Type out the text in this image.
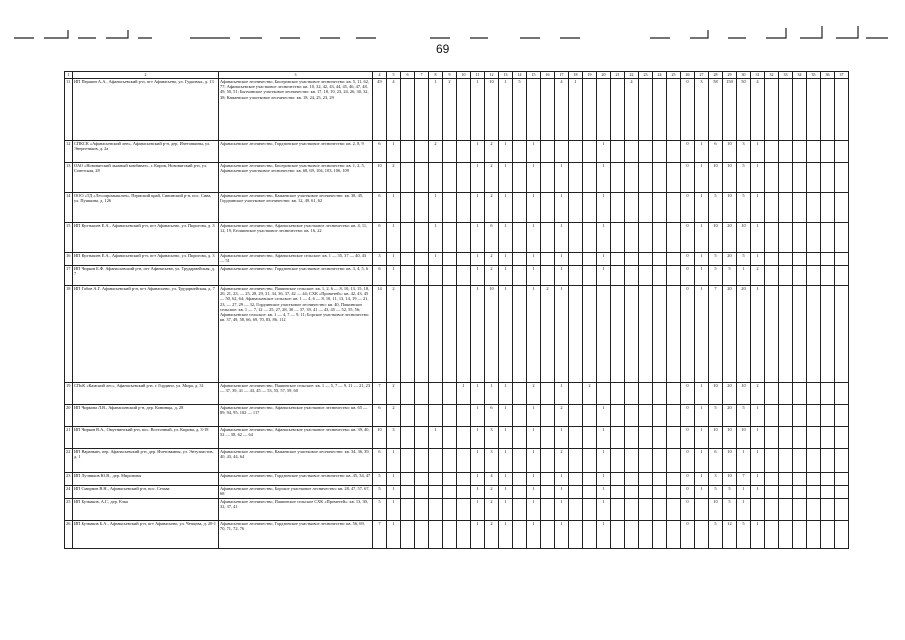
69
1	2	3	4	5	6	7	8	9	10	11	12	13	14	15	16	17	18	19	20	21	22	23	24	25	26	27	28	29	30	31	32	33	34	35	36	37
11	ИП Першин А.А., Афанасьевский р-н, пгт Афанасьево, ул. Гудковых, д. 13	Афанасьевское лесничество, Бисеровское участковое лесничество: кв. 5, 11, 62, 77; Афанасьевское участковое лесничество: кв. 10, 32, 42, 43, 44, 45, 46, 47, 48, 49, 50, 51; Бытчинское участковое лесничество: кв. 17, 18, 19, 23, 24, 26, 30, 32, 38; Камаевское участковое лесничество: кв. 18, 24, 25, 23, 29	49	4			1	2		1	10	1	5			4	1				4				0	3	58	150	50	4						
12	СПКСК «Афанасьевский лен», Афанасьевский р-н, дер. Ичетовкины, ул. Энергетиков, д. 2а	Афанасьевское лесничество, Гордзинское участковое лесничество: кв. 2, 8, 9	6	1			2			1	2	1		1					1						0	1	6	10	3	1						
13	ОАО «Нововятский лыжный комбинат», г. Киров, Нововятский р-н, ул. Советская, 28	Афанасьевское лесничество, Бисеровское участковое лесничество: кв. 1, 2, 5, Афанасьевское участковое лесничество: кв. 68, 69, 104, 103, 106, 109	10	2						1	2	1		1		1			1						0	1	10	10	5	1						
14	ООО «ТД «Лесопромышлен», Пермский край, Сивинский р-н, пос. Сива, ул. Пушкина, д. 126	Афанасьевское лесничество, Камаевское участковое лесничество: кв. 38, 45, Гордзинское участковое лесничество: кв. 12, 49, 61, 62	6	1			1			1	2	1		1		1			1						0	1	5	10	5	1						
15	ИП Култышев Е.А., Афанасьевский р-н, пгт Афанасьево, ул. Пирогова, д. 3	Афанасьевское лесничество, Афанасьевское участковое лесничество: кв. 4, 11, 12, 19, Егошинское участковое лесничество: кв. 16, 22	6	1			1			1	6	1		1		1			1						0	1	10	20	10	1						
16	ИП Култышев Е.А., Афанасьевский р-н, пгт Афанасьево, ул. Пирогова, д. 3	Афанасьевское лесничество, Афанасьевское сельское: кв. 1 — 35, 37 — 40, 43 — 51	3	1			1			1	2	1		1		1			1						0	1	5	20	5	1						
17	ИП Чирков Б.Ф. Афанасьевский р-н, пгт Афанасьево, ул. Трудармейская, д. 7	Афанасьевское лесничество, Гордзинское участковое лесничество: кв. 3, 4, 5, 6	6	1						1	2	1		1		1			1						0	1	5	5	1	2						
18	ИП Габов А.Г. Афанасьевский р-н, пгт Афанасьево, ул. Трудармейская, д. 7	Афанасьевское лесничество, Пашинское сельское: кв. 1, 2, 6 — 8, 10, 13, 15, 18, 20, 21, 23, — 25, 28, 29, 31, 34, 36, 37, 42 — 44; СХК «Прометей»: кв. 42, 43, 45 — 50, 62, 64; Афанасьевское сельское: кв. 1 — 4, 6 — 8, 10, 11, 13, 14, 19 — 21, 23, — 27, 29 — 32, Гордзинское участковое лесничество: кв. 40, Пашинское сельское: кв. 1 — 7, 12 — 25, 27, 28, 30 — 37, 39, 41 — 43, 45 — 52, 55, 56; Афанасьевское сельское: кв. 1 — 4, 7 — 9, 11; Борское участковое лесничество: кв. 37, 49, 58, 66, 69, 70, 83, 86, 112	14	2						1	10	1		1	2	1									0	1	7	20	20	1						
19	СПоК «Камский лес», Афанасьевский р-н, г. Гордино, ул. Мира, д. 31	Афанасьевское лесничество, Пашинское сельское: кв. 1 — 5, 7 — 9, 11 — 21, 23 — 37, 39, 41 — 43, 45 — 53, 55, 57, 59, 60	7	2					1	1	1	1		2		1		2							0	1	10	20	10	2						
20	ИП Чиркова Л.В., Афанасьевский р-н, дер. Конинцы, д. 28	Афанасьевское лесничество, Афанасьевское участковое лесничество: кв. 65 — 89, 94, 95, 102 — 117	6	2						1	6	1		1		2			1						0	1	5	20	5	1						
21	ИП Чирков В.А., Омутнинский р-н, пос. Восточный, ул. Кирова, д. 3-18	Афанасьевское лесничество, Афанасьевское участковое лесничество: кв. 39, 40, 52 — 58, 62 — 64	10	3			1			1	3	1		1		1			1						0	1	10	10	10	1						
22	ИП Варанкин, пер. Афанасьевский р-н, дер. Ичетовкины, ул. Энтузиастов, д. 1	Афанасьевское лесничество, Камаевское участковое лесничество: кв. 34, 36, 39, 40, 43, 44, 64	6	1						1	3	1		1		2			1						0	1	6	10	1	1						
23	ИП Лучников Ю.В., дер. Мироновы	Афанасьевское лесничество, Гордзинское участковое лесничество: кв. 45, 34, 47	5	1						1	4	1		1		1			1						0	1	3	10	7	1						
24	ИП Смирнов В.Н., Афанасьевский р-н, пос. Сезьва	Афанасьевское лесничество, Борское участковое лесничество: кв. 28, 47, 57, 67, 68	5	1						1	2	1		1		1			1						0	1	5	5	1	1						
25	ИП Бузмаков, А.Г., дер. Елка	Афанасьевское лесничество, Пашинское сельское СХК «Прометей»: кв. 13, 30, 32, 37, 41	5	1						1	2	1		1		1			1						0		10	5	1							
26	ИП Бузмаков Б.А., Афанасьевский р-н, пгт Афанасьево, ул. Чепцева, д. 20-1	Афанасьевское лесничество, Гордзинское участковое лесничество: кв. 56, 69, 70, 71, 72, 76	7	1						1	2	1		1		1			1						0		5	12	5	1						
